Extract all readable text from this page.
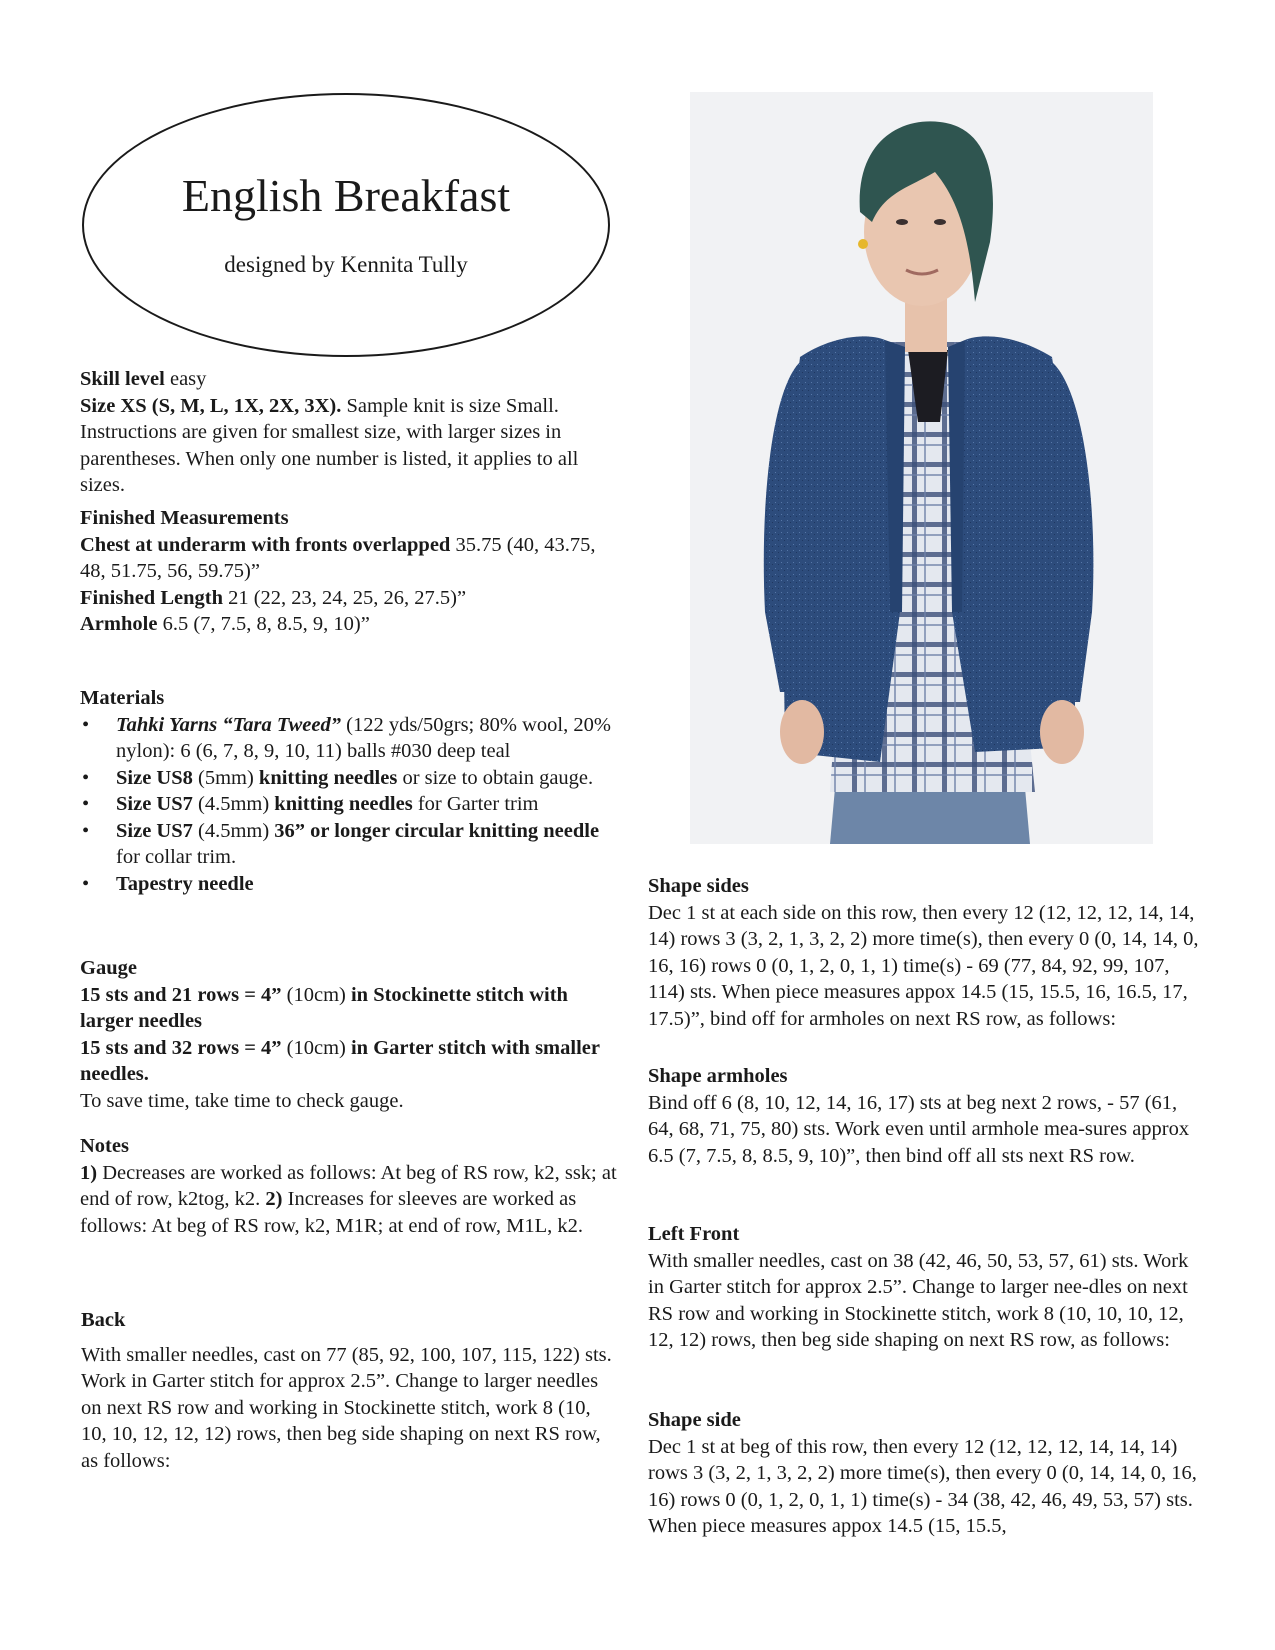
English Breakfast
designed by Kennita Tully

Skill level easy

Size XS (S, M, L, 1X, 2X, 3X). Sample knit is size Small. Instructions are given for smallest size, with larger sizes in parentheses. When only one number is listed, it applies to all sizes.

Finished Measurements

Chest at underarm with fronts overlapped 35.75 (40, 43.75, 48, 51.75, 56, 59.75)”

Finished Length 21 (22, 23, 24, 25, 26, 27.5)”

Armhole 6.5 (7, 7.5, 8, 8.5, 9, 10)”

Materials

• Tahki Yarns “Tara Tweed” (122 yds/50grs; 80% wool, 20% nylon): 6 (6, 7, 8, 9, 10, 11) balls #030 deep teal
• Size US8 (5mm) knitting needles or size to obtain gauge.
• Size US7 (4.5mm) knitting needles for Garter trim
• Size US7 (4.5mm) 36” or longer circular knitting needle for collar trim.
• Tapestry needle

Gauge

15 sts and 21 rows = 4” (10cm) in Stockinette stitch with larger needles

15 sts and 32 rows = 4” (10cm) in Garter stitch with smaller needles.

To save time, take time to check gauge.

Notes

1) Decreases are worked as follows: At beg of RS row, k2, ssk; at end of row, k2tog, k2. 2) Increases for sleeves are worked as follows: At beg of RS row, k2, M1R; at end of row, M1L, k2.

Back

With smaller needles, cast on 77 (85, 92, 100, 107, 115, 122) sts. Work in Garter stitch for approx 2.5”. Change to larger needles on next RS row and working in Stockinette stitch, work 8 (10, 10, 10, 12, 12, 12) rows, then beg side shaping on next RS row, as follows:

Shape sides

Dec 1 st at each side on this row, then every 12 (12, 12, 12, 14, 14, 14) rows 3 (3, 2, 1, 3, 2, 2) more time(s), then every 0 (0, 14, 14, 0, 16, 16) rows 0 (0, 1, 2, 0, 1, 1) time(s) - 69 (77, 84, 92, 99, 107, 114) sts. When piece measures appox 14.5 (15, 15.5, 16, 16.5, 17, 17.5)”, bind off for armholes on next RS row, as follows:

Shape armholes

Bind off 6 (8, 10, 12, 14, 16, 17) sts at beg next 2 rows, - 57 (61, 64, 68, 71, 75, 80) sts. Work even until armhole mea-sures approx 6.5 (7, 7.5, 8, 8.5, 9, 10)”, then bind off all sts next RS row.

Left Front

With smaller needles, cast on 38 (42, 46, 50, 53, 57, 61) sts. Work in Garter stitch for approx 2.5”. Change to larger nee-dles on next RS row and working in Stockinette stitch, work 8 (10, 10, 10, 12, 12, 12) rows, then beg side shaping on next RS row, as follows:

Shape side

Dec 1 st at beg of this row, then every 12 (12, 12, 12, 14, 14, 14) rows 3 (3, 2, 1, 3, 2, 2) more time(s), then every 0 (0, 14, 14, 0, 16, 16) rows 0 (0, 1, 2, 0, 1, 1) time(s) - 34 (38, 42, 46, 49, 53, 57) sts. When piece measures appox 14.5 (15, 15.5,
